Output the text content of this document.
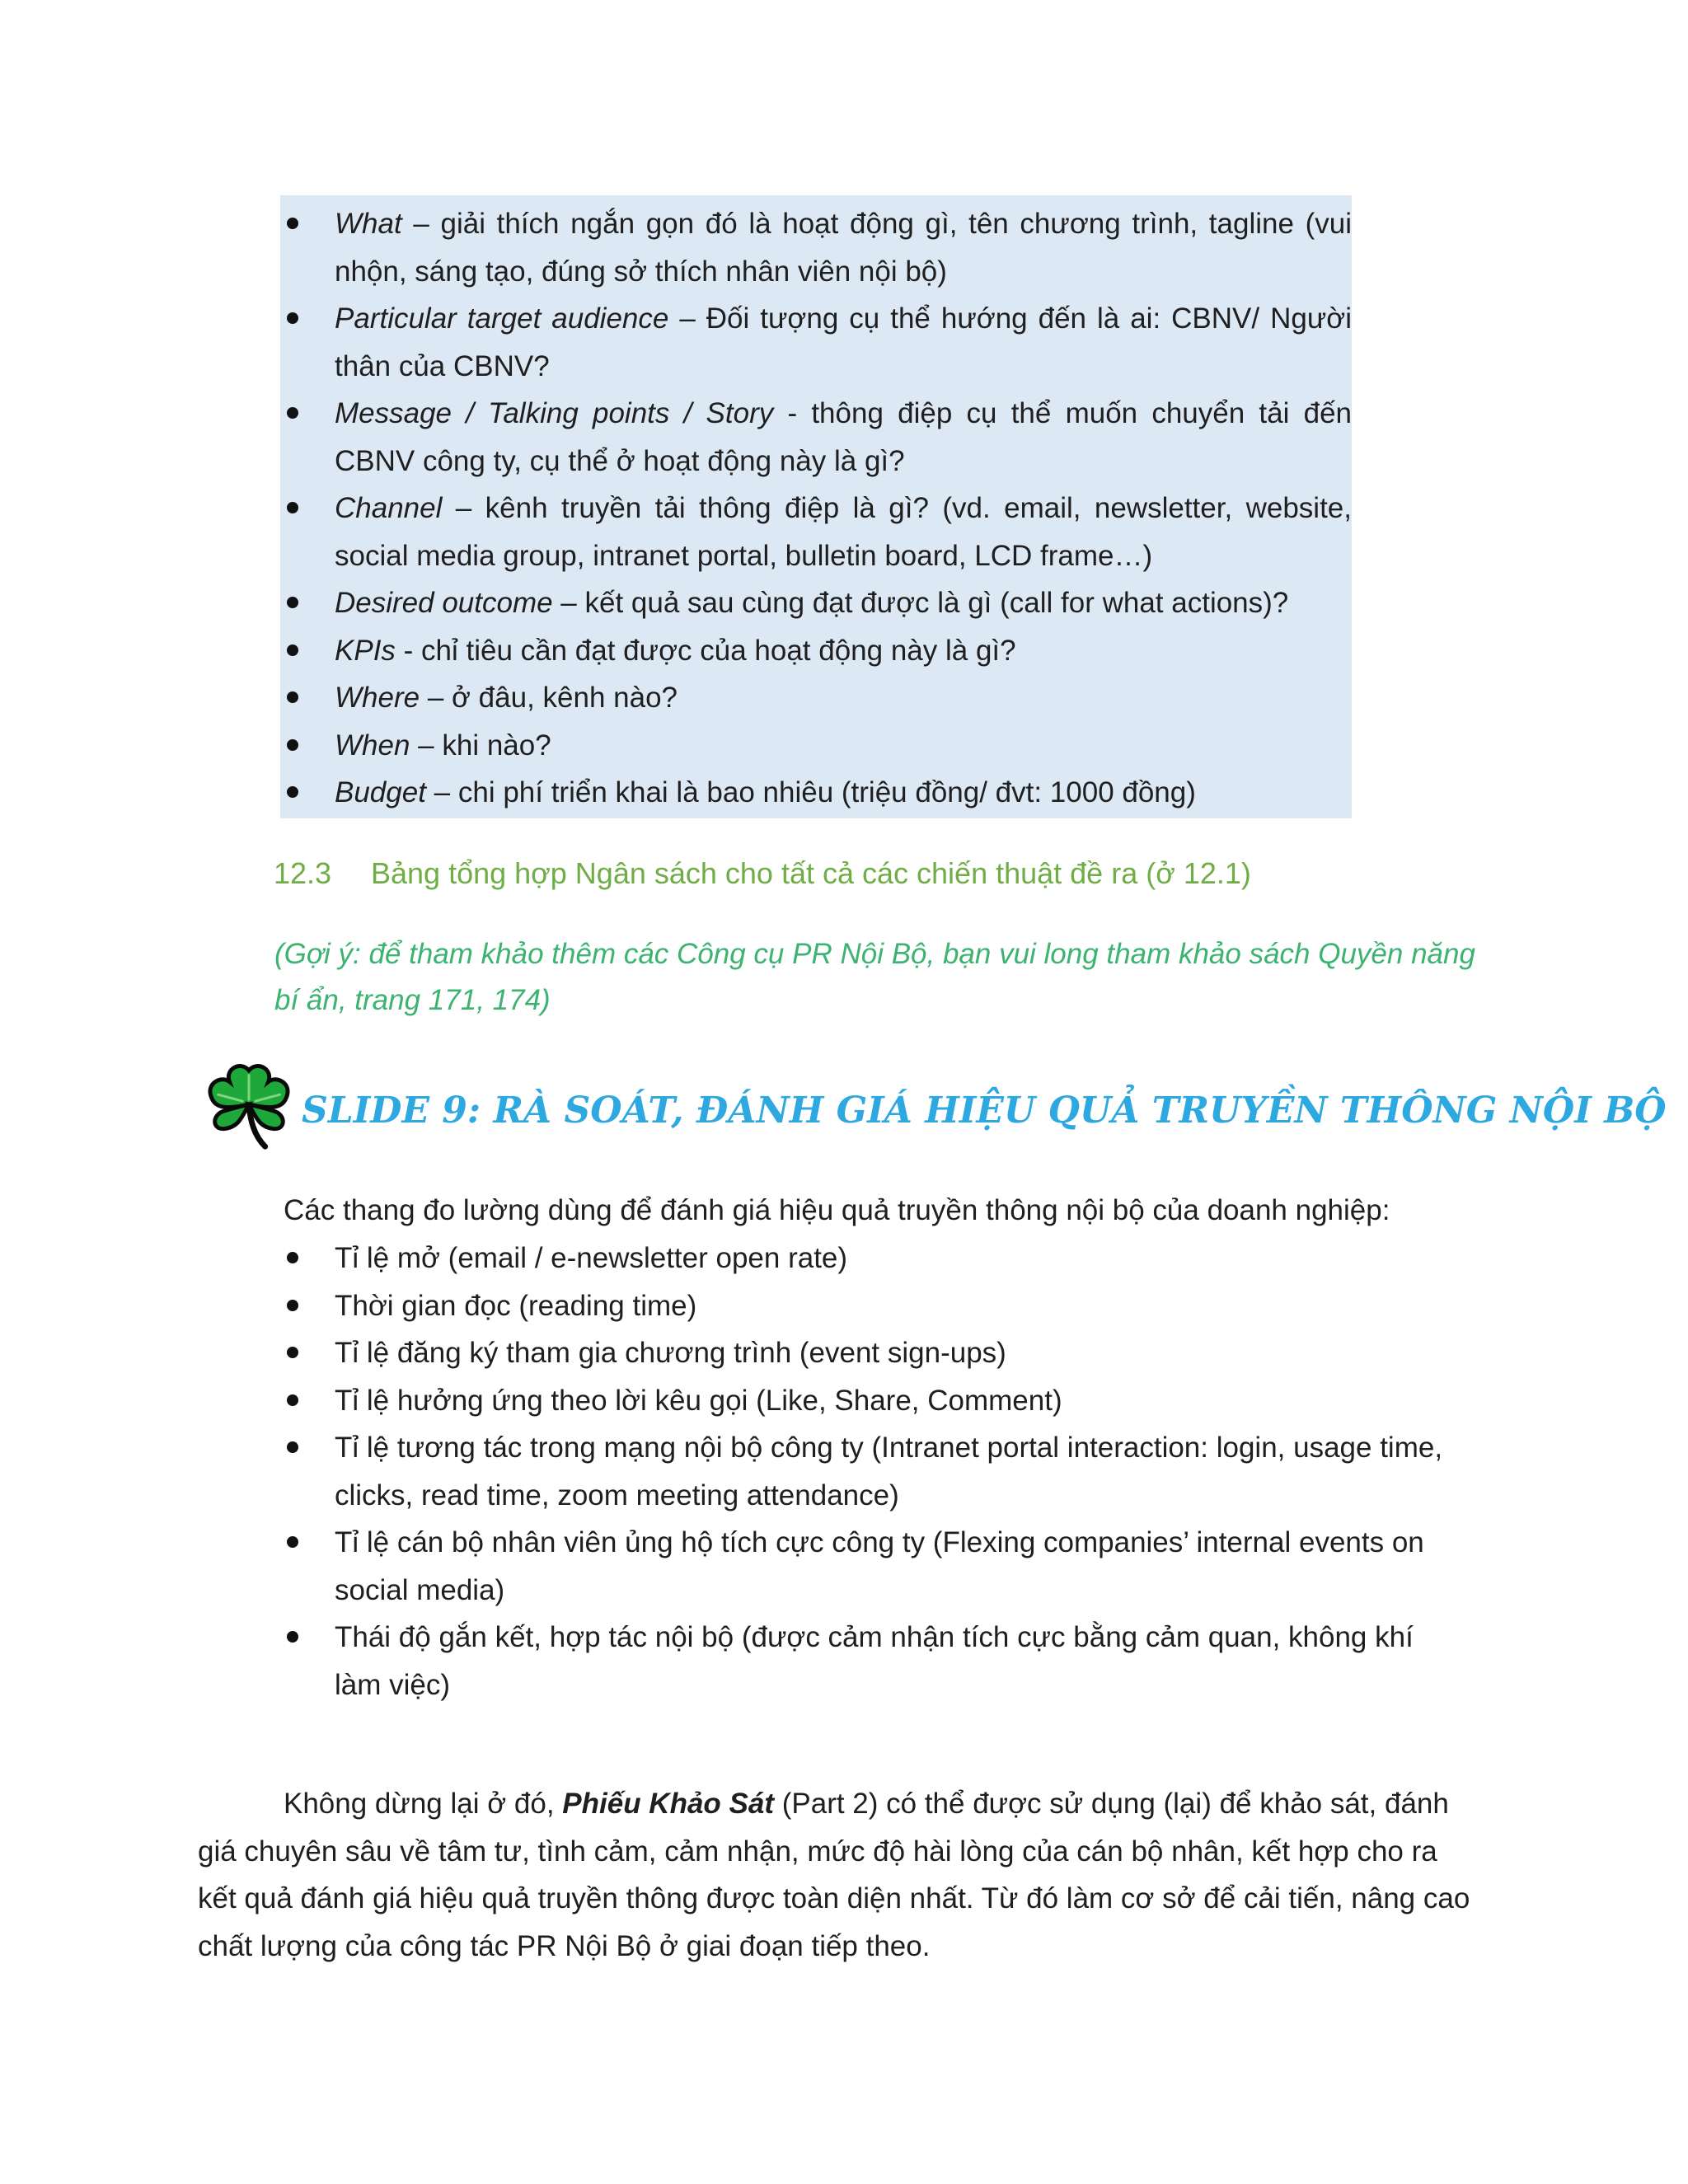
What – giải thích ngắn gọn đó là hoạt động gì, tên chương trình, tagline (vui nhộn, sáng tạo, đúng sở thích nhân viên nội bộ)
Particular target audience – Đối tượng cụ thể hướng đến là ai: CBNV/ Người thân của CBNV?
Message / Talking points / Story - thông điệp cụ thể muốn chuyển tải đến CBNV công ty, cụ thể ở hoạt động này là gì?
Channel – kênh truyền tải thông điệp là gì? (vd. email, newsletter, website, social media group, intranet portal, bulletin board, LCD frame…)
Desired outcome – kết quả sau cùng đạt được là gì (call for what actions)?
KPIs - chỉ tiêu cần đạt được của hoạt động này là gì?
Where – ở đâu, kênh nào?
When – khi nào?
Budget – chi phí triển khai là bao nhiêu (triệu đồng/ đvt: 1000 đồng)
12.3 Bảng tổng hợp Ngân sách cho tất cả các chiến thuật đề ra (ở 12.1)
(Gợi ý: để tham khảo thêm các Công cụ PR Nội Bộ, bạn vui long tham khảo sách Quyền năng bí ẩn, trang 171, 174)
SLIDE 9: RÀ SOÁT, ĐÁNH GIÁ HIỆU QUẢ TRUYỀN THÔNG NỘI BỘ
Các thang đo lường dùng để đánh giá hiệu quả truyền thông nội bộ của doanh nghiệp:
Tỉ lệ mở (email / e-newsletter open rate)
Thời gian đọc (reading time)
Tỉ lệ đăng ký tham gia chương trình (event sign-ups)
Tỉ lệ hưởng ứng theo lời kêu gọi (Like, Share, Comment)
Tỉ lệ tương tác trong mạng nội bộ công ty (Intranet portal interaction: login, usage time, clicks, read time, zoom meeting attendance)
Tỉ lệ cán bộ nhân viên ủng hộ tích cực công ty (Flexing companies’ internal events on social media)
Thái độ gắn kết, hợp tác nội bộ (được cảm nhận tích cực bằng cảm quan, không khí làm việc)

Không dừng lại ở đó, Phiếu Khảo Sát (Part 2) có thể được sử dụng (lại) để khảo sát, đánh giá chuyên sâu về tâm tư, tình cảm, cảm nhận, mức độ hài lòng của cán bộ nhân, kết hợp cho ra kết quả đánh giá hiệu quả truyền thông được toàn diện nhất. Từ đó làm cơ sở để cải tiến, nâng cao chất lượng của công tác PR Nội Bộ ở giai đoạn tiếp theo.
